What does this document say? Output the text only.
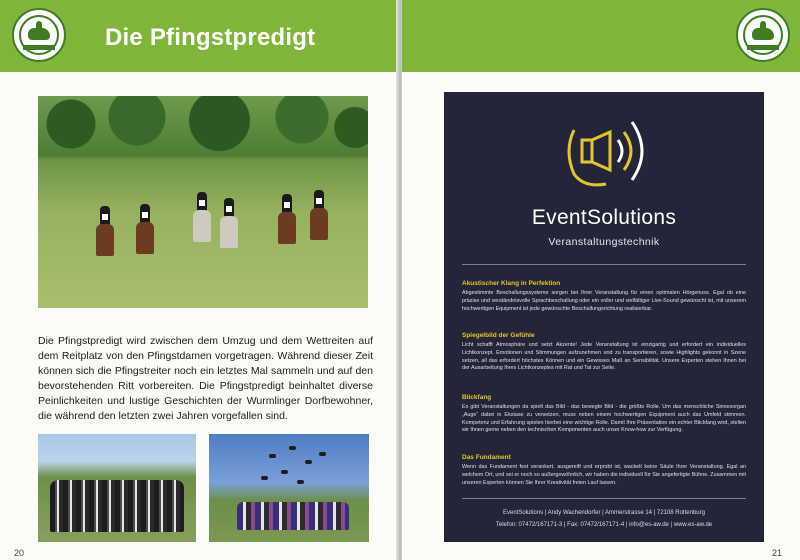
Die Pfingstpredigt

Die Pfingstpredigt wird zwischen dem Umzug und dem Wettreiten auf dem Reitplatz von den Pfingstdamen vorgetragen. Während dieser Zeit können sich die Pfingstreiter noch ein letztes Mal sammeln und auf den bevorstehenden Ritt vorbereiten. Die Pfingstpredigt beinhaltet diverse Peinlichkeiten und lustige Geschichten der Wurmlinger Dorfbewohner, die während den letzten zwei Jahren vorgefallen sind.

20

EventSolutions

Veranstaltungstechnik

Akustischer Klang in Perfektion

Abgestimmte Beschallungssysteme sorgen bei Ihrer Veranstaltung für einen optimalen Hörgenuss. Egal ob eine präzise und verständnisvolle Sprachbeschallung oder ein voller und vielfältiger Live-Sound gewünscht ist, mit unserem hochwertigen Equipment ist jede gewünschte Beschallungsrichtung realisierbar.

Spiegelbild der Gefühle

Licht schafft Atmosphäre und setzt Akzente! Jede Veranstaltung ist einzigartig und erfordert ein individuelles Lichtkonzept. Emotionen und Stimmungen aufzunehmen und zu transportieren, sowie Highlights gekonnt in Szene setzen, all das erfordert höchstes Können und ein Gewisses Maß an Sensibilität. Unsere Experten stehen Ihnen bei der Ausarbeitung Ihres Lichtkonzeptes mit Rat und Tat zur Seite.

Blickfang

Es gibt Veranstaltungen da spielt das Bild - das bewegte Bild - die größte Rolle. Um das menschliche Sinnesorgan „Auge“ dabei in Ekstase zu versetzen, muss neben einem hochwertigen Equipment auch das Umfeld stimmen. Kompetenz und Erfahrung spielen hierbei eine wichtige Rolle. Damit Ihre Präsentation ein echter Blickfang wird, stellen wir Ihnen gerne neben den technischen Komponenten auch unser Know-how zur Verfügung.

Das Fundament

Wenn das Fundament fest verankert, ausgereift und erprobt ist, wackelt keine Säule Ihrer Veranstaltung. Egal an welchem Ort, und sei er noch so außergewöhnlich, wir haben die individuell für Sie angefertigte Bühne. Zusammen mit unseren Experten können Sie Ihrer Kreativität freien Lauf lassen.

EventSolutions | Andy Wachendorfer | Ammerstrasse 14 | 72108 Rottenburg

Telefon: 07472/167171-3 | Fax: 07472/167171-4 | info@es-aw.de | www.es-aw.de

21
